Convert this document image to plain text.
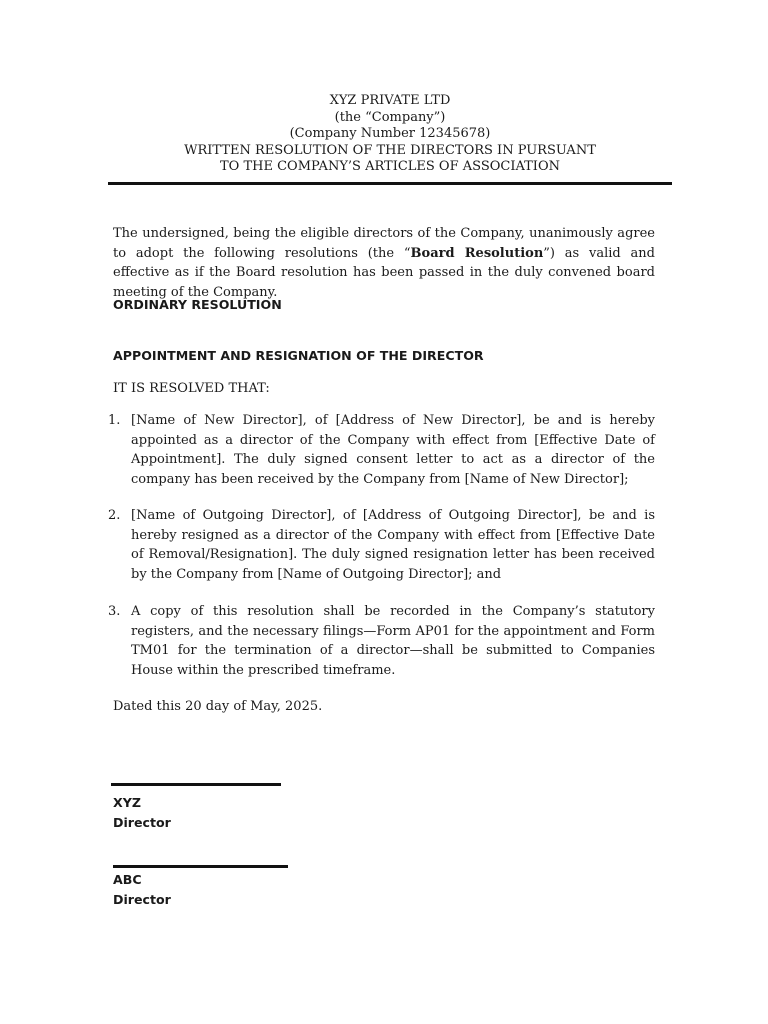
XYZ PRIVATE LTD
(the “Company”)
(Company Number 12345678)
WRITTEN RESOLUTION OF THE DIRECTORS IN PURSUANT
TO THE COMPANY’S ARTICLES OF ASSOCIATION
The undersigned, being the eligible directors of the Company, unanimously agree to adopt the following resolutions (the “Board Resolution”) as valid and effective as if the Board resolution has been passed in the duly convened board meeting of the Company.
ORDINARY RESOLUTION
APPOINTMENT AND RESIGNATION OF THE DIRECTOR
IT IS RESOLVED THAT:
1. [Name of New Director], of [Address of New Director], be and is hereby appointed as a director of the Company with effect from [Effective Date of Appointment]. The duly signed consent letter to act as a director of the company has been received by the Company from [Name of New Director];
2. [Name of Outgoing Director], of [Address of Outgoing Director], be and is hereby resigned as a director of the Company with effect from [Effective Date of Removal/Resignation]. The duly signed resignation letter has been received by the Company from [Name of Outgoing Director]; and
3. A copy of this resolution shall be recorded in the Company’s statutory registers, and the necessary filings—Form AP01 for the appointment and Form TM01 for the termination of a director—shall be submitted to Companies House within the prescribed timeframe.
Dated this 20 day of May, 2025.
XYZ
Director
ABC
Director
